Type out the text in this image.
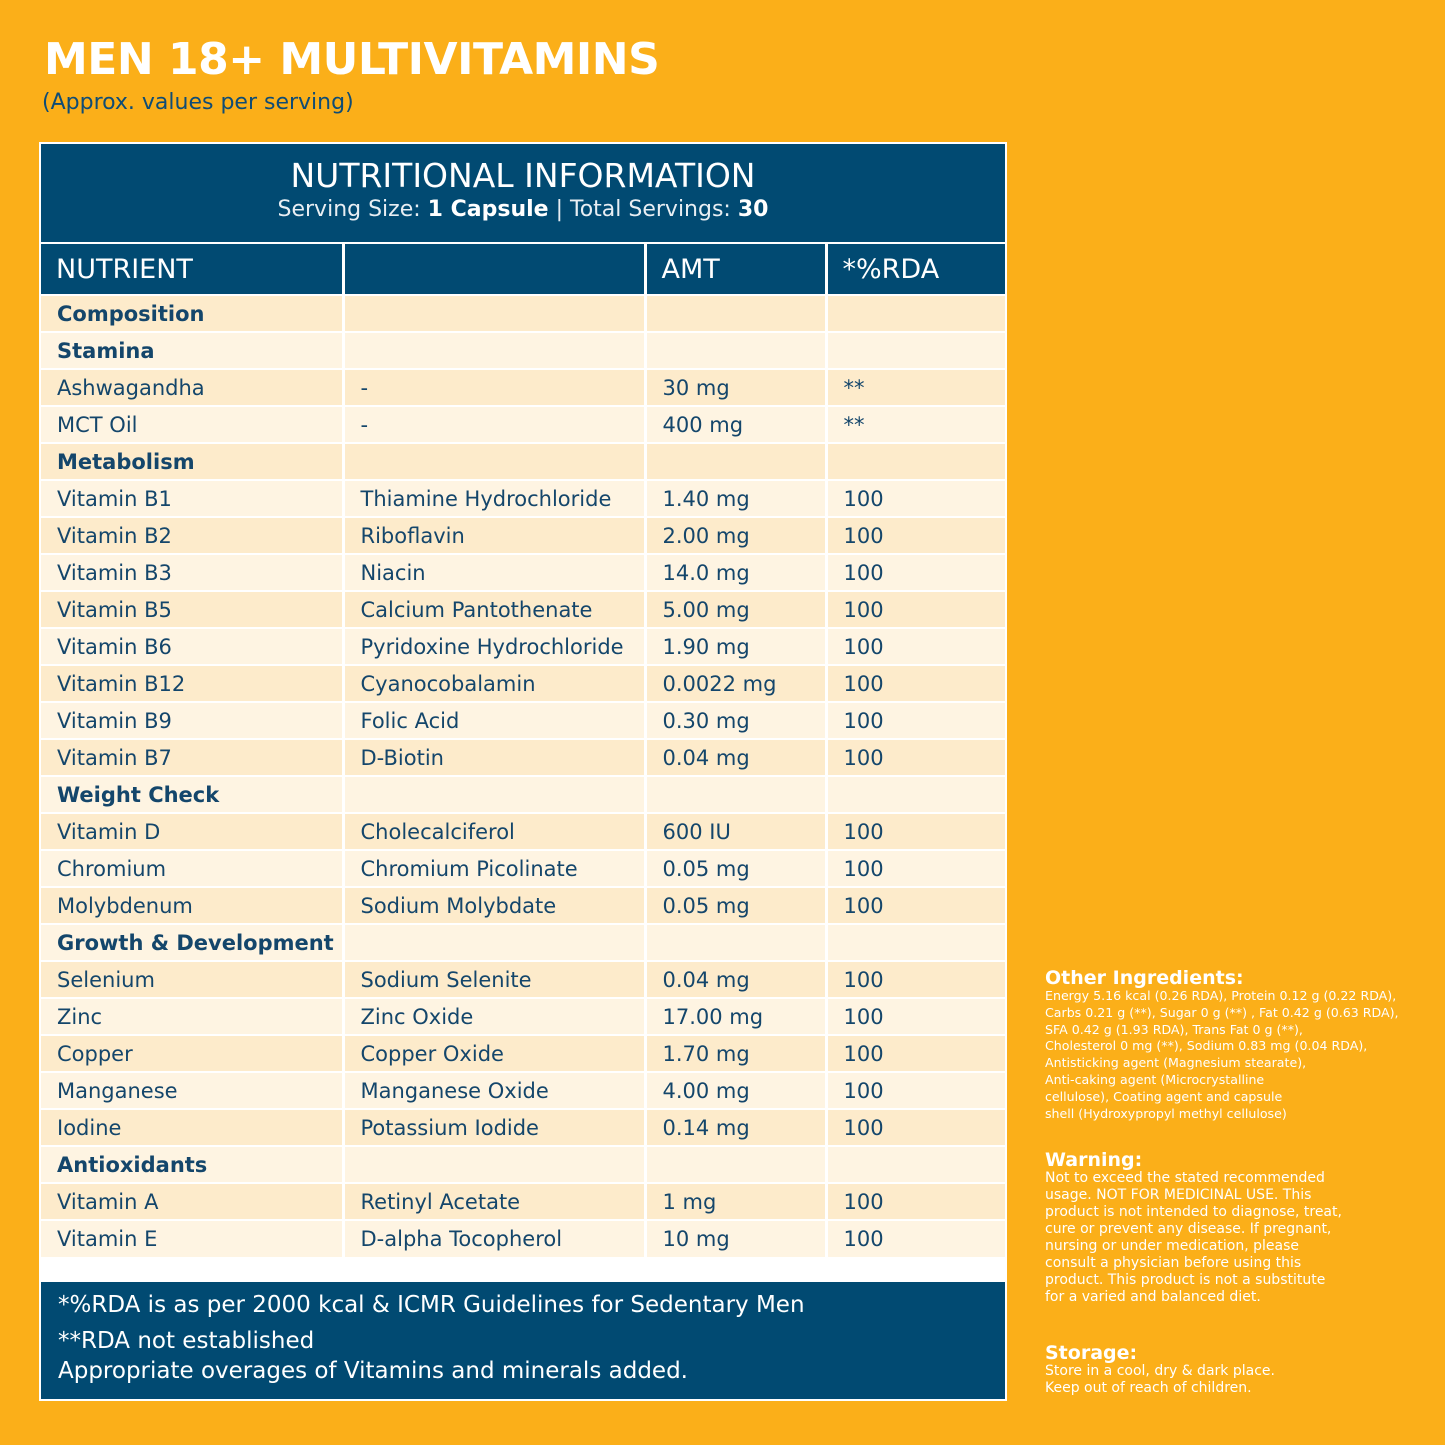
MEN 18+ MULTIVITAMINS
(Approx. values per serving)
NUTRITIONAL INFORMATION
Serving Size: 1 Capsule | Total Servings: 30
NUTRIENT		AMT	*%RDA
Composition			
Stamina			
Ashwagandha	-	30 mg	**
MCT Oil	-	400 mg	**
Metabolism			
Vitamin B1	Thiamine Hydrochloride	1.40 mg	100
Vitamin B2	Riboflavin	2.00 mg	100
Vitamin B3	Niacin	14.0 mg	100
Vitamin B5	Calcium Pantothenate	5.00 mg	100
Vitamin B6	Pyridoxine Hydrochloride	1.90 mg	100
Vitamin B12	Cyanocobalamin	0.0022 mg	100
Vitamin B9	Folic Acid	0.30 mg	100
Vitamin B7	D-Biotin	0.04 mg	100
Weight Check			
Vitamin D	Cholecalciferol	600 IU	100
Chromium	Chromium Picolinate	0.05 mg	100
Molybdenum	Sodium Molybdate	0.05 mg	100
Growth & Development			
Selenium	Sodium Selenite	0.04 mg	100
Zinc	Zinc Oxide	17.00 mg	100
Copper	Copper Oxide	1.70 mg	100
Manganese	Manganese Oxide	4.00 mg	100
Iodine	Potassium Iodide	0.14 mg	100
Antioxidants			
Vitamin A	Retinyl Acetate	1 mg	100
Vitamin E	D-alpha Tocopherol	10 mg	100
*%RDA is as per 2000 kcal & ICMR Guidelines for Sedentary Men
**RDA not established
Appropriate overages of Vitamins and minerals added.
Other Ingredients:
Energy 5.16 kcal (0.26 RDA), Protein 0.12 g (0.22 RDA),
Carbs 0.21 g (**), Sugar 0 g (**) , Fat 0.42 g (0.63 RDA),
SFA 0.42 g (1.93 RDA), Trans Fat 0 g (**),
Cholesterol 0 mg (**), Sodium 0.83 mg (0.04 RDA),
Antisticking agent (Magnesium stearate),
Anti-caking agent (Microcrystalline
cellulose), Coating agent and capsule
shell (Hydroxypropyl methyl cellulose)
Warning:
Not to exceed the stated recommended
usage. NOT FOR MEDICINAL USE. This
product is not intended to diagnose, treat,
cure or prevent any disease. If pregnant,
nursing or under medication, please
consult a physician before using this
product. This product is not a substitute
for a varied and balanced diet.
Storage:
Store in a cool, dry & dark place.
Keep out of reach of children.
